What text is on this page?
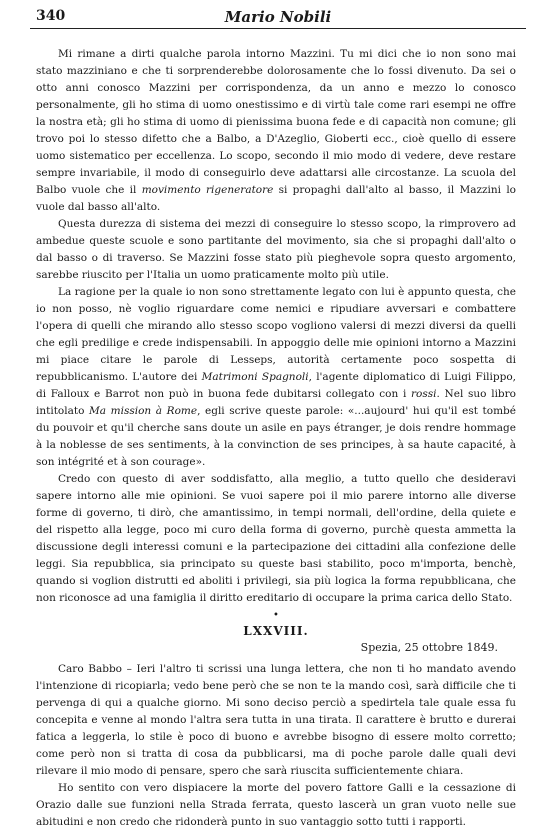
340	Mario Nobili

Mi rimane a dirti qualche parola intorno Mazzini. Tu mi dici che io non sono mai stato mazziniano e che ti sorprenderebbe dolorosamente che lo fossi divenuto. Da sei o otto anni conosco Mazzini per corrispondenza, da un anno e mezzo lo conosco personalmente, gli ho stima di uomo onestissimo e di virtù tale come rari esempi ne offre la nostra età; gli ho stima di uomo di pienissima buona fede e di capacità non comune; gli trovo poi lo stesso difetto che a Balbo, a D'Azeglio, Gioberti ecc., cioè quello di essere uomo sistematico per eccellenza. Lo scopo, secondo il mio modo di vedere, deve restare sempre invariabile, il modo di conseguirlo deve adattarsi alle circostanze. La scuola del Balbo vuole che il movimento rigeneratore si propaghi dall'alto al basso, il Mazzini lo vuole dal basso all'alto.

Questa durezza di sistema dei mezzi di conseguire lo stesso scopo, la rimprovero ad ambedue queste scuole e sono partitante del movimento, sia che si propaghi dall'alto o dal basso o di traverso. Se Mazzini fosse stato più pieghevole sopra questo argomento, sarebbe riuscito per l'Italia un uomo praticamente molto più utile.

La ragione per la quale io non sono strettamente legato con lui è appunto questa, che io non posso, nè voglio riguardare come nemici e ripudiare avversari e combattere l'opera di quelli che mirando allo stesso scopo vogliono valersi di mezzi diversi da quelli che egli predilige e crede indispensabili. In appoggio delle mie opinioni intorno a Mazzini mi piace citare le parole di Lesseps, autorità certamente poco sospetta di repubblicanismo. L'autore dei Matrimoni Spagnoli, l'agente diplomatico di Luigi Filippo, di Falloux e Barrot non può in buona fede dubitarsi collegato con i rossi. Nel suo libro intitolato Ma mission à Rome, egli scrive queste parole: «...aujourd' hui qu'il est tombé du pouvoir et qu'il cherche sans doute un asile en pays étranger, je dois rendre hommage à la noblesse de ses sentiments, à la convinction de ses principes, à sa haute capacité, à son intégrité et à son courage».

Credo con questo di aver soddisfatto, alla meglio, a tutto quello che desideravi sapere intorno alle mie opinioni. Se vuoi sapere poi il mio parere intorno alle diverse forme di governo, ti dirò, che amantissimo, in tempi normali, dell'ordine, della quiete e del rispetto alla legge, poco mi curo della forma di governo, purchè questa ammetta la discussione degli interessi comuni e la partecipazione dei cittadini alla confezione delle leggi. Sia repubblica, sia principato su queste basi stabilito, poco m'importa, benchè, quando si voglion distrutti ed aboliti i privilegi, sia più logica la forma repubblicana, che non riconosce ad una famiglia il diritto ereditario di occupare la prima carica dello Stato.

•
LXXVIII.
Spezia, 25 ottobre 1849.

Caro Babbo – Ieri l'altro ti scrissi una lunga lettera, che non ti ho mandato avendo l'intenzione di ricopiarla; vedo bene però che se non te la mando così, sarà difficile che ti pervenga di qui a qualche giorno. Mi sono deciso perciò a spedirtela tale quale essa fu concepita e venne al mondo l'altra sera tutta in una tirata. Il carattere è brutto e durerai fatica a leggerla, lo stile è poco di buono e avrebbe bisogno di essere molto corretto; come però non si tratta di cosa da pubblicarsi, ma di poche parole dalle quali devi rilevare il mio modo di pensare, spero che sarà riuscita sufficientemente chiara.

Ho sentito con vero dispiacere la morte del povero fattore Galli e la cessazione di Orazio dalle sue funzioni nella Strada ferrata, questo lascerà un gran vuoto nelle sue abitudini e non credo che ridonderà punto in suo vantaggio sotto tutti i rapporti.
